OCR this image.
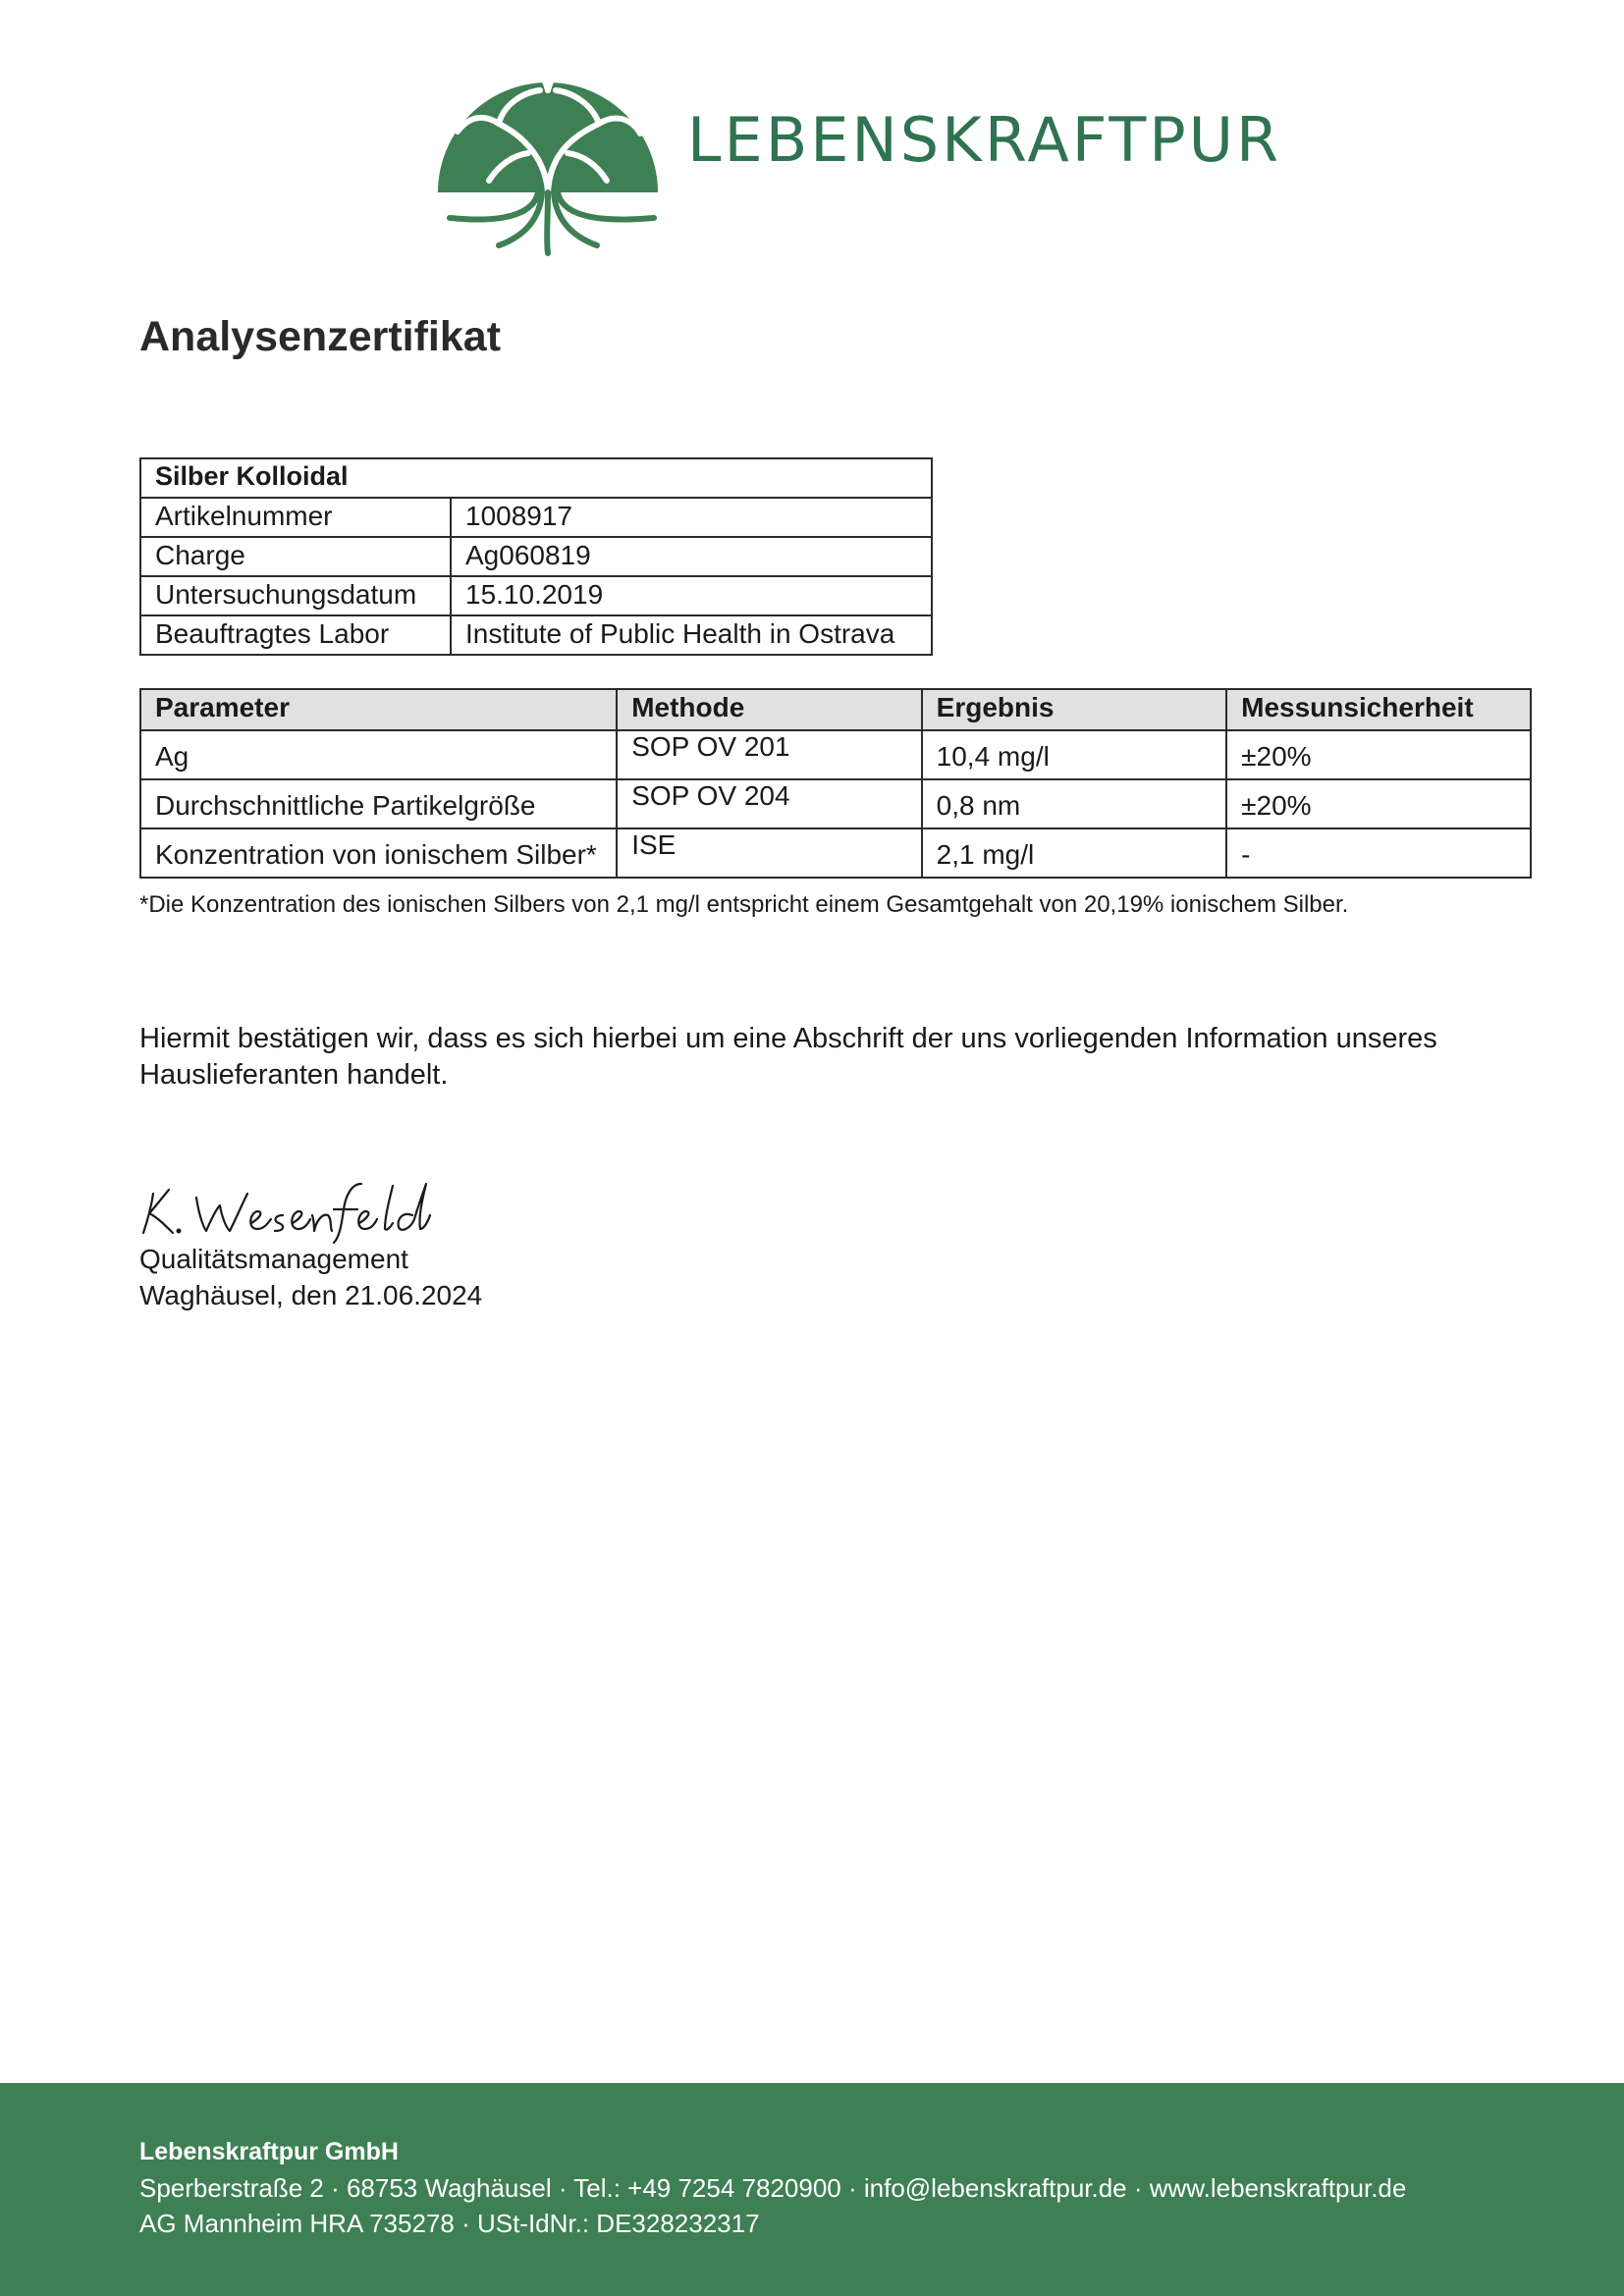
LEBENSKRAFTPUR
Analysenzertifikat
Silber Kolloidal	
Artikelnummer	1008917
Charge	Ag060819
Untersuchungsdatum	15.10.2019
Beauftragtes Labor	Institute of Public Health in Ostrava
Parameter	Methode	Ergebnis	Messunsicherheit
Ag	SOP OV 201	10,4 mg/l	±20%
Durchschnittliche Partikelgröße	SOP OV 204	0,8 nm	±20%
Konzentration von ionischem Silber*	ISE	2,1 mg/l	-

*Die Konzentration des ionischen Silbers von 2,1 mg/l entspricht einem Gesamtgehalt von 20,19% ionischem Silber.

Hiermit bestätigen wir, dass es sich hierbei um eine Abschrift der uns vorliegenden Information unseres Hauslieferanten handelt.

Qualitätsmanagement

Waghäusel, den 21.06.2024

Lebenskraftpur GmbH
Sperberstraße 2 · 68753 Waghäusel · Tel.: +49 7254 7820900 · info@lebenskraftpur.de · www.lebenskraftpur.de
AG Mannheim HRA 735278 · USt-IdNr.: DE328232317
